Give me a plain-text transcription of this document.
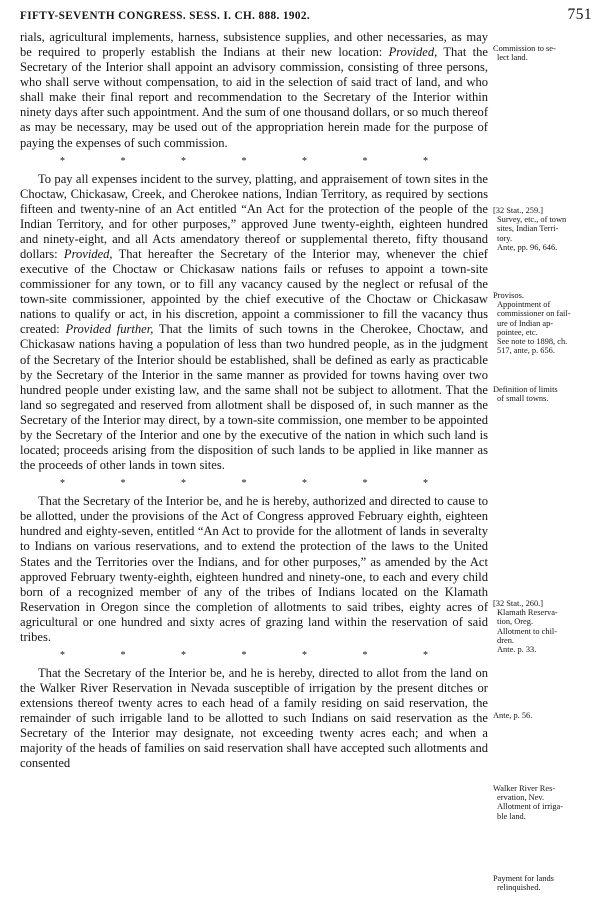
FIFTY-SEVENTH CONGRESS. SESS. I. CH. 888. 1902.	751

rials, agricultural implements, harness, subsistence supplies, and other necessaries, as may be required to properly establish the Indians at their new location: Provided, That the Secretary of the Interior shall appoint an advisory commission, consisting of three persons, who shall serve without compensation, to aid in the selection of said tract of land, and who shall make their final report and recommendation to the Secretary of the Interior within ninety days after such appointment. And the sum of one thousand dollars, or so much thereof as may be necessary, may be used out of the appropriation herein made for the purpose of paying the expenses of such commission.

*	*	*	*	*	*	*

To pay all expenses incident to the survey, platting, and appraisement of town sites in the Choctaw, Chickasaw, Creek, and Cherokee nations, Indian Territory, as required by sections fifteen and twenty-nine of an Act entitled “An Act for the protection of the people of the Indian Territory, and for other purposes,” approved June twenty-eighth, eighteen hundred and ninety-eight, and all Acts amendatory thereof or supplemental thereto, fifty thousand dollars: Provided, That hereafter the Secretary of the Interior may, whenever the chief executive of the Choctaw or Chickasaw nations fails or refuses to appoint a town-site commissioner for any town, or to fill any vacancy caused by the neglect or refusal of the town-site commissioner, appointed by the chief executive of the Choctaw or Chickasaw nations to qualify or act, in his discretion, appoint a commissioner to fill the vacancy thus created: Provided further, That the limits of such towns in the Cherokee, Choctaw, and Chickasaw nations having a population of less than two hundred people, as in the judgment of the Secretary of the Interior should be established, shall be defined as early as practicable by the Secretary of the Interior in the same manner as provided for towns having over two hundred people under existing law, and the same shall not be subject to allotment. That the land so segregated and reserved from allotment shall be disposed of, in such manner as the Secretary of the Interior may direct, by a town-site commission, one member to be appointed by the Secretary of the Interior and one by the executive of the nation in which such land is located; proceeds arising from the disposition of such lands to be applied in like manner as the proceeds of other lands in town sites.

*	*	*	*	*	*	*

That the Secretary of the Interior be, and he is hereby, authorized and directed to cause to be allotted, under the provisions of the Act of Congress approved February eighth, eighteen hundred and eighty-seven, entitled “An Act to provide for the allotment of lands in severalty to Indians on various reservations, and to extend the protection of the laws to the United States and the Territories over the Indians, and for other purposes,” as amended by the Act approved February twenty-eighth, eighteen hundred and ninety-one, to each and every child born of a recognized member of any of the tribes of Indians located on the Klamath Reservation in Oregon since the completion of allotments to said tribes, eighty acres of agricultural or one hundred and sixty acres of grazing land within the reservation of said tribes.

*	*	*	*	*	*	*

That the Secretary of the Interior be, and he is hereby, directed to allot from the land on the Walker River Reservation in Nevada susceptible of irrigation by the present ditches or extensions thereof twenty acres to each head of a family residing on said reservation, the remainder of such irrigable land to be allotted to such Indians on said reservation as the Secretary of the Interior may designate, not exceeding twenty acres each; and when a majority of the heads of families on said reservation shall have accepted such allotments and consented

Commission to se-
lect land.
[32 Stat., 259.]
Survey, etc., of town
sites, Indian Terri-
tory.
Ante, pp. 96, 646.
Provisos.
Appointment of
commissioner on fail-
ure of Indian ap-
pointee, etc.
See note to 1898, ch.
517, ante, p. 656.
Definition of limits
of small towns.
[32 Stat., 260.]
Klamath Reserva-
tion, Oreg.
Allotment to chil-
dren.
Ante. p. 33.
Ante, p. 56.
Walker River Res-
ervation, Nev.
Allotment of irriga-
ble land.
Payment for lands
relinquished.
